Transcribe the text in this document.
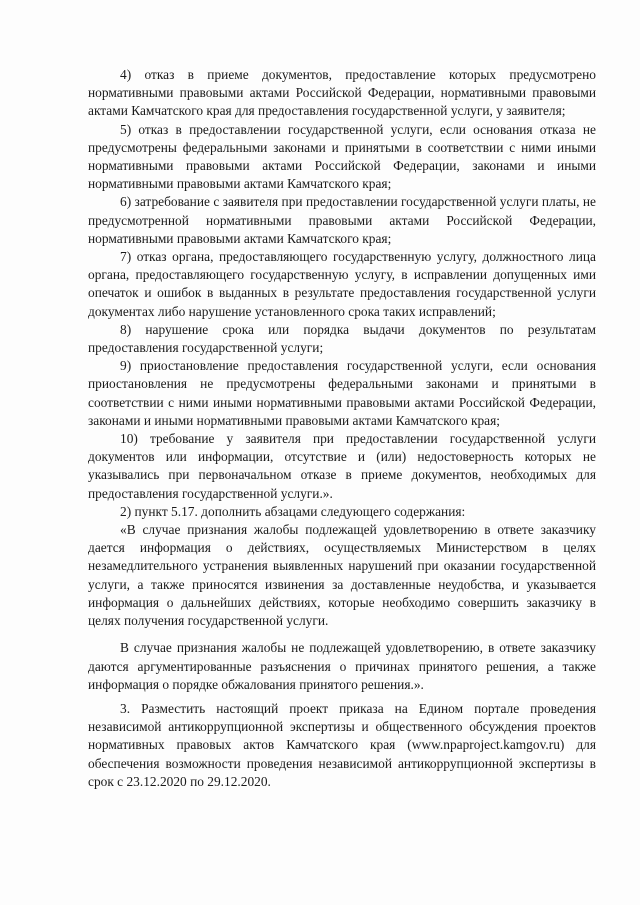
4) отказ в приеме документов, предоставление которых предусмотрено нормативными правовыми актами Российской Федерации, нормативными правовыми актами Камчатского края для предоставления государственной услуги, у заявителя;

5) отказ в предоставлении государственной услуги, если основания отказа не предусмотрены федеральными законами и принятыми в соответствии с ними иными нормативными правовыми актами Российской Федерации, законами и иными нормативными правовыми актами Камчатского края;

6) затребование с заявителя при предоставлении государственной услуги платы, не предусмотренной нормативными правовыми актами Российской Федерации, нормативными правовыми актами Камчатского края;

7) отказ органа, предоставляющего государственную услугу, должностного лица органа, предоставляющего государственную услугу, в исправлении допущенных ими опечаток и ошибок в выданных в результате предоставления государственной услуги документах либо нарушение установленного срока таких исправлений;

8) нарушение срока или порядка выдачи документов по результатам предоставления государственной услуги;

9) приостановление предоставления государственной услуги, если основания приостановления не предусмотрены федеральными законами и принятыми в соответствии с ними иными нормативными правовыми актами Российской Федерации, законами и иными нормативными правовыми актами Камчатского края;

10) требование у заявителя при предоставлении государственной услуги документов или информации, отсутствие и (или) недостоверность которых не указывались при первоначальном отказе в приеме документов, необходимых для предоставления государственной услуги.».

2) пункт 5.17. дополнить абзацами следующего содержания:

«В случае признания жалобы подлежащей удовлетворению в ответе заказчику дается информация о действиях, осуществляемых Министерством в целях незамедлительного устранения выявленных нарушений при оказании государственной услуги, а также приносятся извинения за доставленные неудобства, и указывается информация о дальнейших действиях, которые необходимо совершить заказчику в целях получения государственной услуги.

В случае признания жалобы не подлежащей удовлетворению, в ответе заказчику даются аргументированные разъяснения о причинах принятого решения, а также информация о порядке обжалования принятого решения.».

3. Разместить настоящий проект приказа на Едином портале проведения независимой антикоррупционной экспертизы и общественного обсуждения проектов нормативных правовых актов Камчатского края (www.npaproject.kamgov.ru) для обеспечения возможности проведения независимой антикоррупционной экспертизы в срок с 23.12.2020 по 29.12.2020.
